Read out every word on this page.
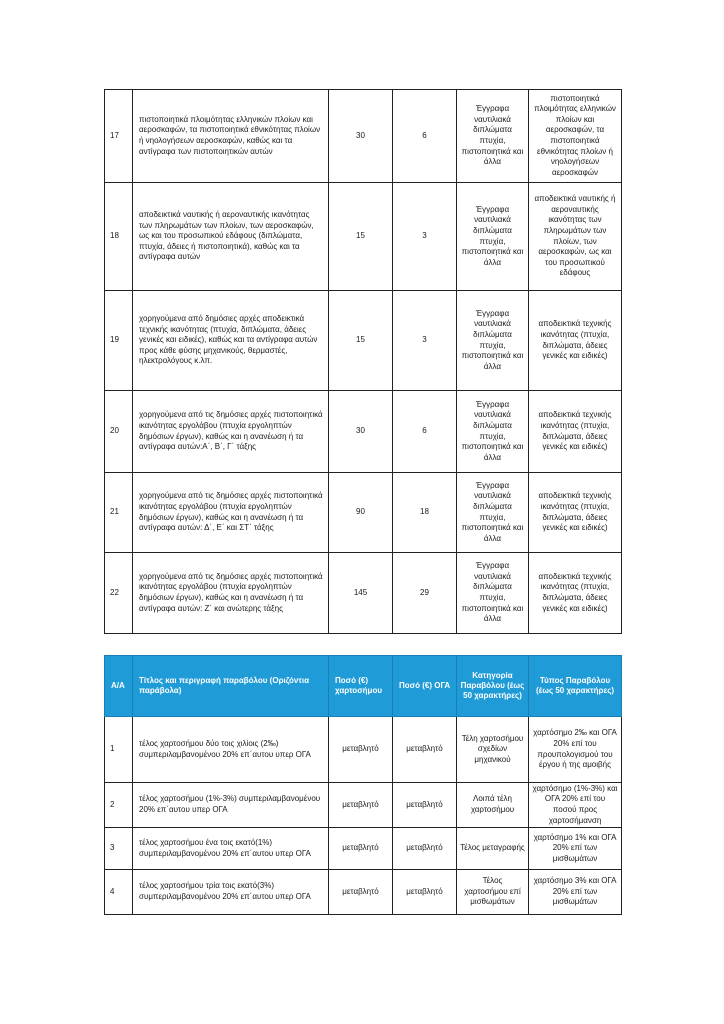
17	πιστοποιητικά πλοιμότητας ελληνικών πλοίων και αεροσκαφών, τα πιστοποιητικά εθνικότητας πλοίων ή νηολογήσεων αεροσκαφών, καθώς και τα αντίγραφα των πιστοποιητικών αυτών	30	6	Έγγραφα ναυτιλιακά διπλώματα πτυχία, πιστοποιητικά και άλλα	πιστοποιητικά πλοιμότητας ελληνικών πλοίων και αεροσκαφών, τα πιστοποιητικά εθνικότητας πλοίων ή νηολογήσεων αεροσκαφών
18	αποδεικτικά ναυτικής ή αεροναυτικής ικανότητας των πληρωμάτων των πλοίων, των αεροσκαφών, ως και του προσωπικού εδάφους (διπλώματα, πτυχία, άδειες ή πιστοποιητικά), καθώς και τα αντίγραφα αυτών	15	3	Έγγραφα ναυτιλιακά διπλώματα πτυχία, πιστοποιητικά και άλλα	αποδεικτικά ναυτικής ή αεροναυτικής ικανότητας των πληρωμάτων των πλοίων, των αεροσκαφών, ως και του προσωπικού εδάφους
19	χορηγούμενα από δημόσιες αρχές αποδεικτικά τεχνικής ικανότητας (πτυχία, διπλώματα, άδειες γενικές και ειδικές), καθώς και τα αντίγραφα αυτών προς κάθε φύσης μηχανικούς, θερμαστές, ηλεκτρολόγους κ.λπ.	15	3	Έγγραφα ναυτιλιακά διπλώματα πτυχία, πιστοποιητικά και άλλα	αποδεικτικά τεχνικής ικανότητας (πτυχία, διπλώματα, άδειες γενικές και ειδικές)
20	χορηγούμενα από τις δημόσιες αρχές πιστοποιητικά ικανότητας εργολάβου (πτυχία εργοληπτών δημόσιων έργων), καθώς και η ανανέωση ή τα αντίγραφα αυτών:Α΄, Β΄, Γ΄ τάξης	30	6	Έγγραφα ναυτιλιακά διπλώματα πτυχία, πιστοποιητικά και άλλα	αποδεικτικά τεχνικής ικανότητας (πτυχία, διπλώματα, άδειες γενικές και ειδικές)
21	χορηγούμενα από τις δημόσιες αρχές πιστοποιητικά ικανότητας εργολάβου (πτυχία εργοληπτών δημόσιων έργων), καθώς και η ανανέωση ή τα αντίγραφα αυτών: Δ΄, Ε΄ και ΣΤ΄ τάξης	90	18	Έγγραφα ναυτιλιακά διπλώματα πτυχία, πιστοποιητικά και άλλα	αποδεικτικά τεχνικής ικανότητας (πτυχία, διπλώματα, άδειες γενικές και ειδικές)
22	χορηγούμενα από τις δημόσιες αρχές πιστοποιητικά ικανότητας εργολάβου (πτυχία εργοληπτών δημόσιων έργων), καθώς και η ανανέωση ή τα αντίγραφα αυτών: Ζ΄ και ανώτερης τάξης	145	29	Έγγραφα ναυτιλιακά διπλώματα πτυχία, πιστοποιητικά και άλλα	αποδεικτικά τεχνικής ικανότητας (πτυχία, διπλώματα, άδειες γενικές και ειδικές)
Α/Α	Τίτλος και περιγραφή παραβόλου (Οριζόντια παράβολα)	Ποσό (€) χαρτοσήμου	Ποσό (€) ΟΓΑ	Κατηγορία Παραβόλου (έως 50 χαρακτήρες)	Τύπος Παραβόλου (έως 50 χαρακτήρες)
1	τέλος χαρτοσήμου δύο τοις χιλίοις (2‰) συμπεριλαμβανομένου 20% επ΄αυτου υπερ ΟΓΑ	μεταβλητό	μεταβλητό	Τέλη χαρτοσήμου σχεδίων μηχανικού	χαρτόσημο 2‰ και ΟΓΑ 20% επί του προυπολογισμού του έργου ή της αμοιβής
2	τέλος χαρτοσήμου (1%-3%) συμπεριλαμβανομένου 20% επ΄αυτου υπερ ΟΓΑ	μεταβλητό	μεταβλητό	Λοιπά τέλη χαρτοσήμου	χαρτόσημο (1%-3%) και ΟΓΑ 20% επί του ποσού προς χαρτοσήμανση
3	τέλος χαρτοσήμου ένα τοις εκατό(1%) συμπεριλαμβανομένου 20% επ΄αυτου υπερ ΟΓΑ	μεταβλητό	μεταβλητό	Τέλος μεταγραφής	χαρτόσημο 1% και ΟΓΑ 20% επί των μισθωμάτων
4	τέλος χαρτοσήμου τρία τοις εκατό(3%) συμπεριλαμβανομένου 20% επ΄αυτου υπερ ΟΓΑ	μεταβλητό	μεταβλητό	Τέλος χαρτοσήμου επί μισθωμάτων	χαρτόσημο 3% και ΟΓΑ 20% επί των μισθωμάτων
